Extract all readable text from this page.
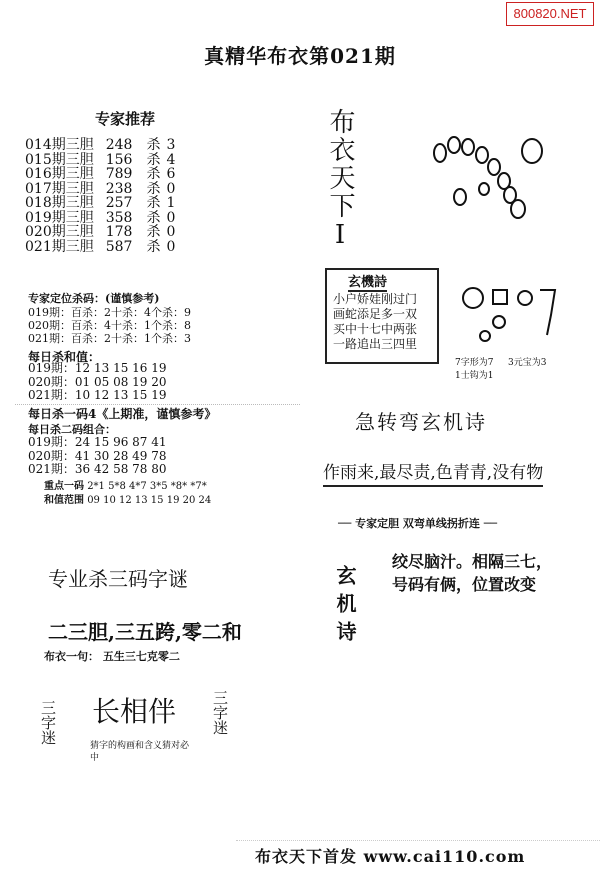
800820.NET
真精华布衣第021期
专家推荐
014期三胆 248 杀 3
015期三胆 156 杀 4
016期三胆 789 杀 6
017期三胆 238 杀 0
018期三胆 257 杀 1
019期三胆 358 杀 0
020期三胆 178 杀 0
021期三胆 587 杀 0
专家定位杀码：(谨慎参考)
019期：百杀：2十杀：4个杀：9
020期：百杀：4十杀：1个杀：8
021期：百杀：2十杀：1个杀：3
每日杀和值：
019期：12 13 15 16 19
020期：01 05 08 19 20
021期：10 12 13 15 19
每日杀一码4《上期准，谨慎参考》
每日杀二码组合：
019期：24 15 96 87 41
020期：41 30 28 49 78
021期：36 42 58 78 80
重点一码 2*1 5*8 4*7 3*5 *8* *7*
和值范围 09 10 12 13 15 19 20 24
专业杀三码字谜
二三胆,三五跨,零二和
布衣一句： 五生三七克零二
三字迷	三字迷
长相伴
猜字的构画和含义猜对必中
布衣天下I
玄機詩
小户娇娃刚过门
画蛇添足多一双
买中十七中两张
一路追出三四里
7字形为7 3元宝为3
1士钩为1
急转弯玄机诗
作雨来,最尽责,色青青,没有物
── 专家定胆 双弯单线拐折连 ──
玄机诗
绞尽脑汁。相隔三七，号码有俩，位置改变
布衣天下首发 www.cai110.com
